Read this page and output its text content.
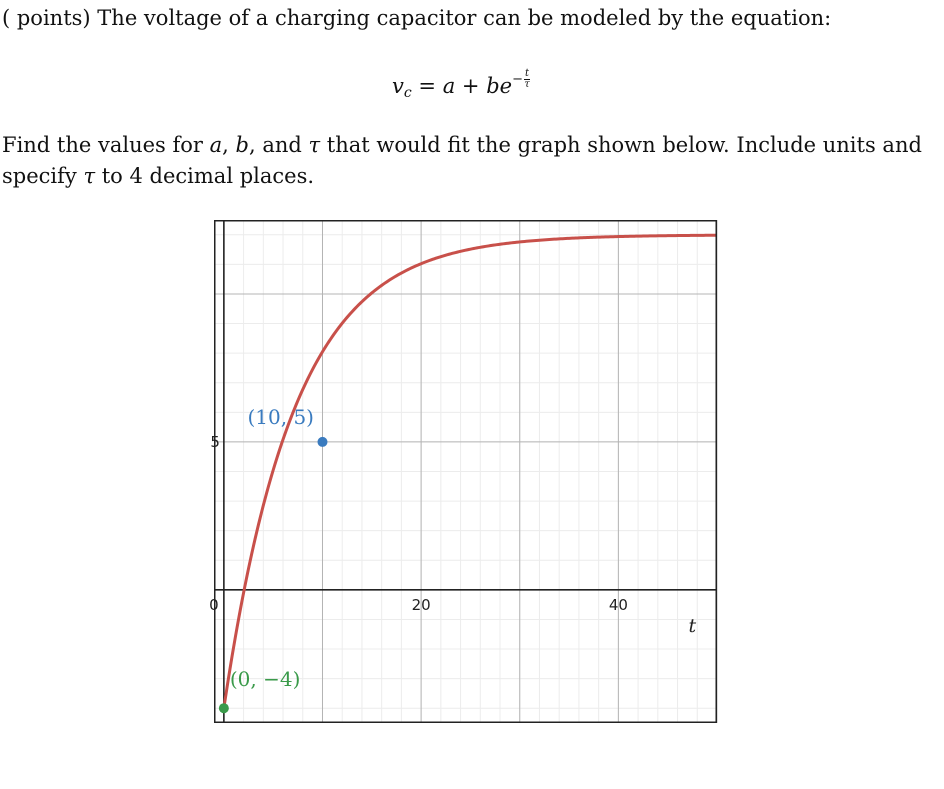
( points) The voltage of a charging capacitor can be modeled by the equation:
$v_c = a + be- \frac{t}{\tau}$
Find the values for a, b, and τ that would fit the graph shown below. Include units and specify τ to 4 decimal places.
0	20	40
5
t
(10, 5)
(0, −4)
